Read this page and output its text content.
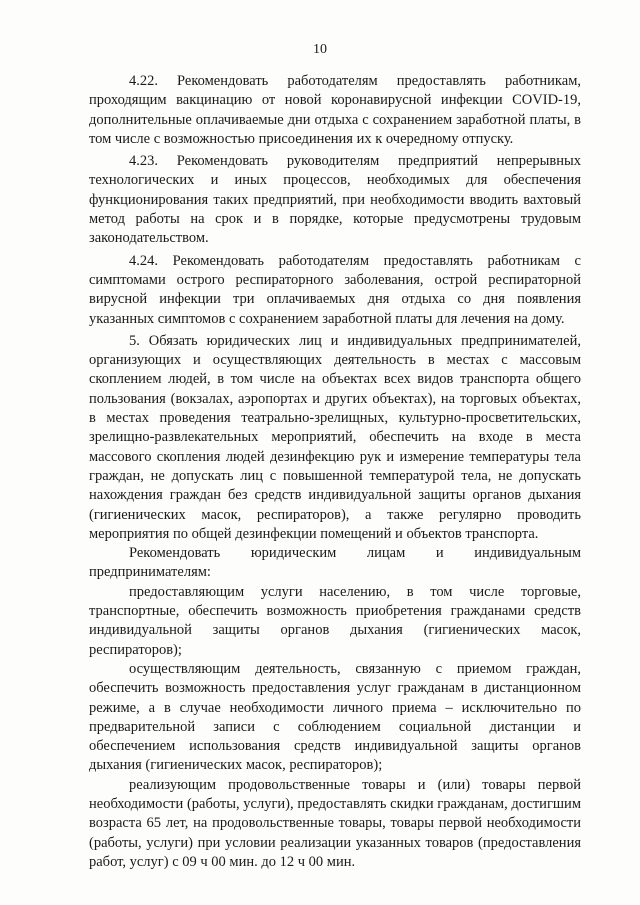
10

4.22. Рекомендовать работодателям предоставлять работникам, проходящим вакцинацию от новой коронавирусной инфекции COVID-19, дополнительные оплачиваемые дни отдыха с сохранением заработной платы, в том числе с возможностью присоединения их к очередному отпуску.

4.23. Рекомендовать руководителям предприятий непрерывных технологических и иных процессов, необходимых для обеспечения функционирования таких предприятий, при необходимости вводить вахтовый метод работы на срок и в порядке, которые предусмотрены трудовым законодательством.

4.24. Рекомендовать работодателям предоставлять работникам с симптомами острого респираторного заболевания, острой респираторной вирусной инфекции три оплачиваемых дня отдыха со дня появления указанных симптомов с сохранением заработной платы для лечения на дому.

5. Обязать юридических лиц и индивидуальных предпринимателей, организующих и осуществляющих деятельность в местах с массовым скоплением людей, в том числе на объектах всех видов транспорта общего пользования (вокзалах, аэропортах и других объектах), на торговых объектах, в местах проведения театрально-зрелищных, культурно-просветительских, зрелищно-развлекательных мероприятий, обеспечить на входе в места массового скопления людей дезинфекцию рук и измерение температуры тела граждан, не допускать лиц с повышенной температурой тела, не допускать нахождения граждан без средств индивидуальной защиты органов дыхания (гигиенических масок, респираторов), а также регулярно проводить мероприятия по общей дезинфекции помещений и объектов транспорта.

Рекомендовать юридическим лицам и индивидуальным предпринимателям:

предоставляющим услуги населению, в том числе торговые, транспортные, обеспечить возможность приобретения гражданами средств индивидуальной защиты органов дыхания (гигиенических масок, респираторов);

осуществляющим деятельность, связанную с приемом граждан, обеспечить возможность предоставления услуг гражданам в дистанционном режиме, а в случае необходимости личного приема – исключительно по предварительной записи с соблюдением социальной дистанции и обеспечением использования средств индивидуальной защиты органов дыхания (гигиенических масок, респираторов);

реализующим продовольственные товары и (или) товары первой необходимости (работы, услуги), предоставлять скидки гражданам, достигшим возраста 65 лет, на продовольственные товары, товары первой необходимости (работы, услуги) при условии реализации указанных товаров (предоставления работ, услуг) с 09 ч 00 мин. до 12 ч 00 мин.
